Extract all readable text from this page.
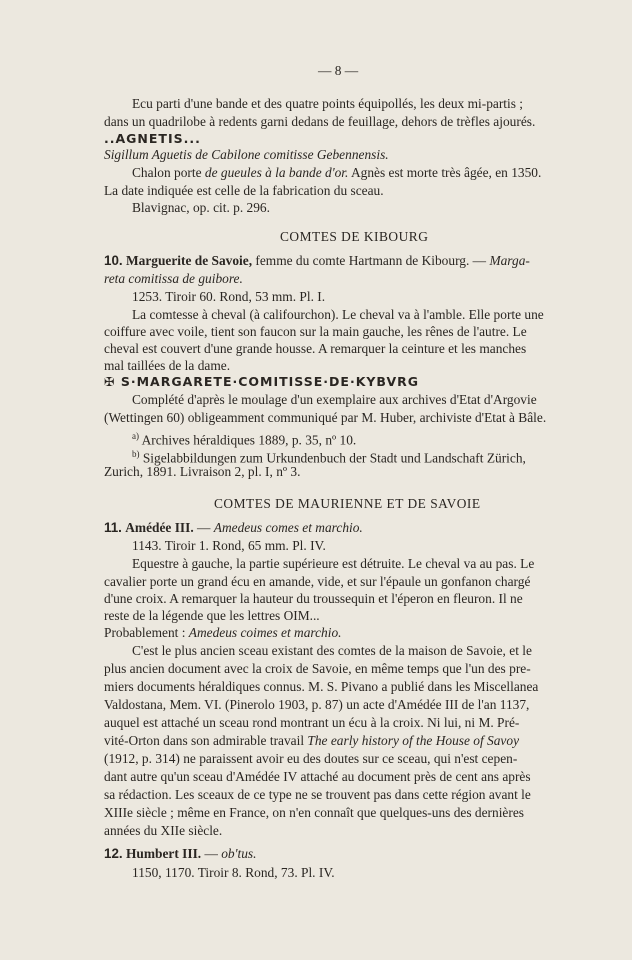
— 8 —
Ecu parti d'une bande et des quatre points équipollés, les deux mi-partis ;
dans un quadrilobe à redents garni dedans de feuillage, dehors de trèfles ajourés.
..AGNETIS...
Sigillum Aguetis de Cabilone comitisse Gebennensis.
Chalon porte de gueules à la bande d'or. Agnès est morte très âgée, en 1350.
La date indiquée est celle de la fabrication du sceau.
Blavignac, op. cit. p. 296.
COMTES DE KIBOURG
10. Marguerite de Savoie, femme du comte Hartmann de Kibourg. — Marga-
reta comitissa de guibore.
1253. Tiroir 60. Rond, 53 mm. Pl. I.
La comtesse à cheval (à califourchon). Le cheval va à l'amble. Elle porte une
coiffure avec voile, tient son faucon sur la main gauche, les rênes de l'autre. Le
cheval est couvert d'une grande housse. A remarquer la ceinture et les manches
mal taillées de la dame.
✠ S·MARGARETE·COMITISSE·DE·KYBVRG
Complété d'après le moulage d'un exemplaire aux archives d'Etat d'Argovie
(Wettingen 60) obligeamment communiqué par M. Huber, archiviste d'Etat à Bâle.
$^{a)}$ Archives héraldiques 1889, p. 35, nº 10.
$^{b)}$ Sigelabbildungen zum Urkundenbuch der Stadt und Landschaft Zürich,
Zurich, 1891. Livraison 2, pl. I, nº 3.
COMTES DE MAURIENNE ET DE SAVOIE
11. Amédée III. — Amedeus comes et marchio.
1143. Tiroir 1. Rond, 65 mm. Pl. IV.
Equestre à gauche, la partie supérieure est détruite. Le cheval va au pas. Le
cavalier porte un grand écu en amande, vide, et sur l'épaule un gonfanon chargé
d'une croix. A remarquer la hauteur du troussequin et l'éperon en fleuron. Il ne
reste de la légende que les lettres OIM...
Probablement : Amedeus coimes et marchio.
C'est le plus ancien sceau existant des comtes de la maison de Savoie, et le
plus ancien document avec la croix de Savoie, en même temps que l'un des pre-
miers documents héraldiques connus. M. S. Pivano a publié dans les Miscellanea
Valdostana, Mem. VI. (Pinerolo 1903, p. 87) un acte d'Amédée III de l'an 1137,
auquel est attaché un sceau rond montrant un écu à la croix. Ni lui, ni M. Pré-
vité-Orton dans son admirable travail The early history of the House of Savoy
(1912, p. 314) ne paraissent avoir eu des doutes sur ce sceau, qui n'est cepen-
dant autre qu'un sceau d'Amédée IV attaché au document près de cent ans après
sa rédaction. Les sceaux de ce type ne se trouvent pas dans cette région avant le
XIIIe siècle ; même en France, on n'en connaît que quelques-uns des dernières
années du XIIe siècle.
12. Humbert III. — ob'tus.
1150, 1170. Tiroir 8. Rond, 73. Pl. IV.
